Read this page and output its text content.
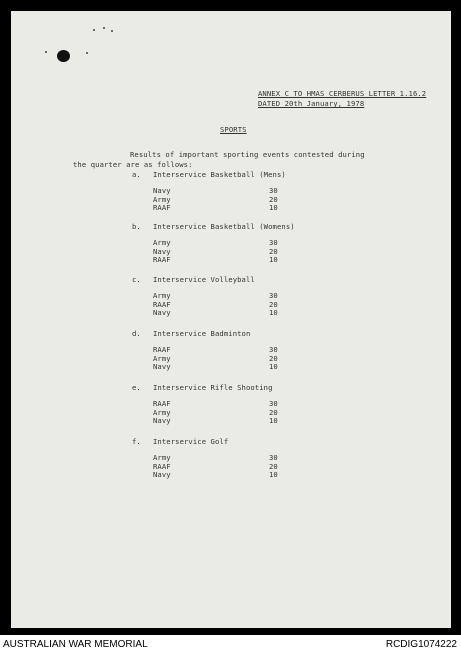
ANNEX C TO HMAS CERBERUS LETTER 1.16.2
DATED 20th January, 1978
SPORTS
Results of important sporting events contested during
the quarter are as follows:
a.	Interservice Basketball (Mens)
Navy	30
Army	20
RAAF	10
b.	Interservice Basketball (Womens)
Army	30
Navy	20
RAAF	10
c.	Interservice Volleyball
Army	30
RAAF	20
Navy	10
d.	Interservice Badminton
RAAF	30
Army	20
Navy	10
e.	Interservice Rifle Shooting
RAAF	30
Army	20
Navy	10
f.	Interservice Golf
Army	30
RAAF	20
Navy	10
AUSTRALIAN WAR MEMORIAL	RCDIG1074222
